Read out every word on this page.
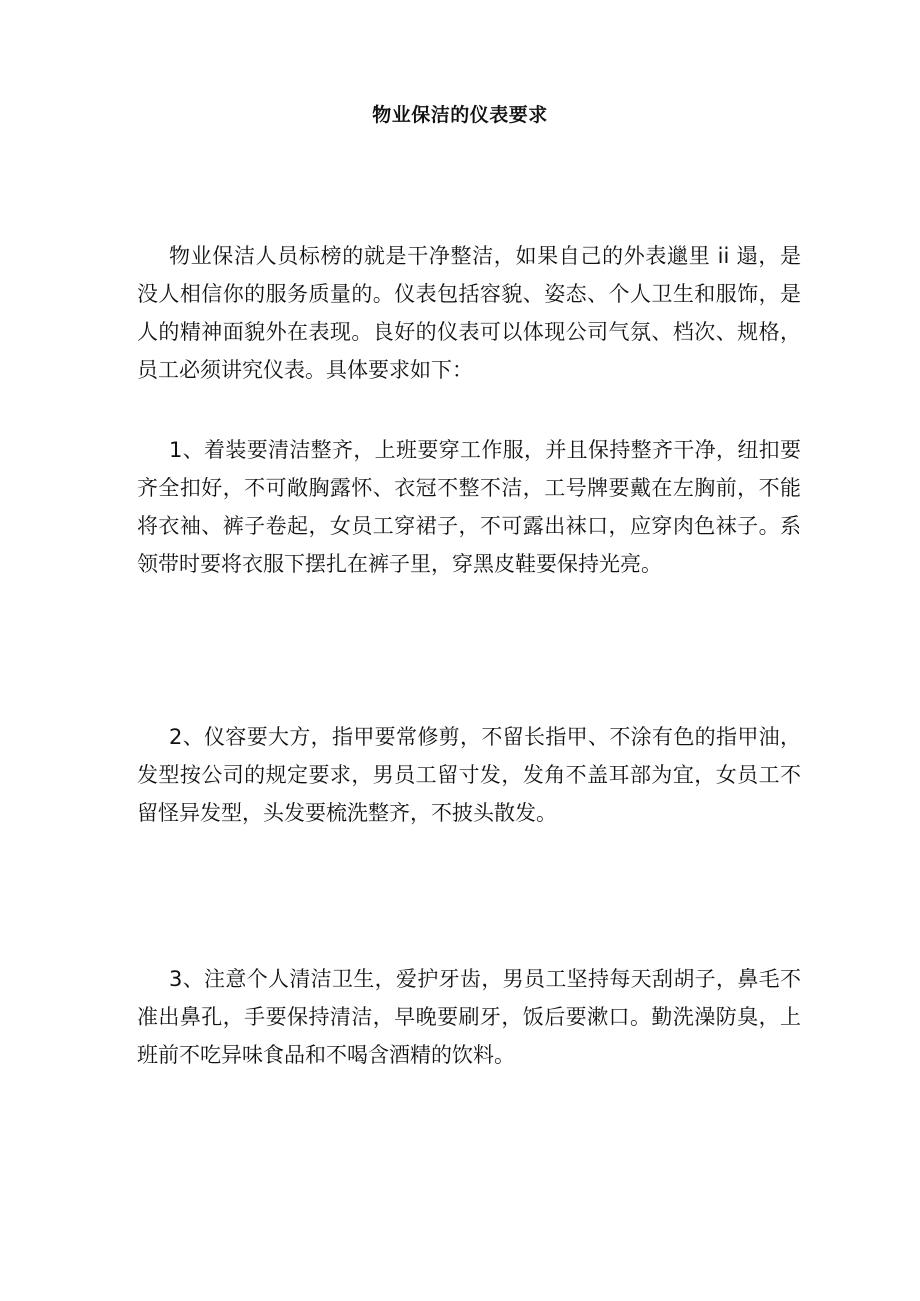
物业保洁的仪表要求

物业保洁人员标榜的就是干净整洁，如果自己的外表邋里 ii 遢，是没人相信你的服务质量的。仪表包括容貌、姿态、个人卫生和服饰，是人的精神面貌外在表现。良好的仪表可以体现公司气氛、档次、规格，员工必须讲究仪表。具体要求如下：

1、着装要清洁整齐，上班要穿工作服，并且保持整齐干净，纽扣要齐全扣好，不可敞胸露怀、衣冠不整不洁，工号牌要戴在左胸前，不能将衣袖、裤子卷起，女员工穿裙子，不可露出袜口，应穿肉色袜子。系领带时要将衣服下摆扎在裤子里，穿黑皮鞋要保持光亮。

2、仪容要大方，指甲要常修剪，不留长指甲、不涂有色的指甲油，发型按公司的规定要求，男员工留寸发，发角不盖耳部为宜，女员工不留怪异发型，头发要梳洗整齐，不披头散发。

3、注意个人清洁卫生，爱护牙齿，男员工坚持每天刮胡子，鼻毛不准出鼻孔，手要保持清洁，早晚要刷牙，饭后要漱口。勤洗澡防臭，上班前不吃异味食品和不喝含酒精的饮料。
